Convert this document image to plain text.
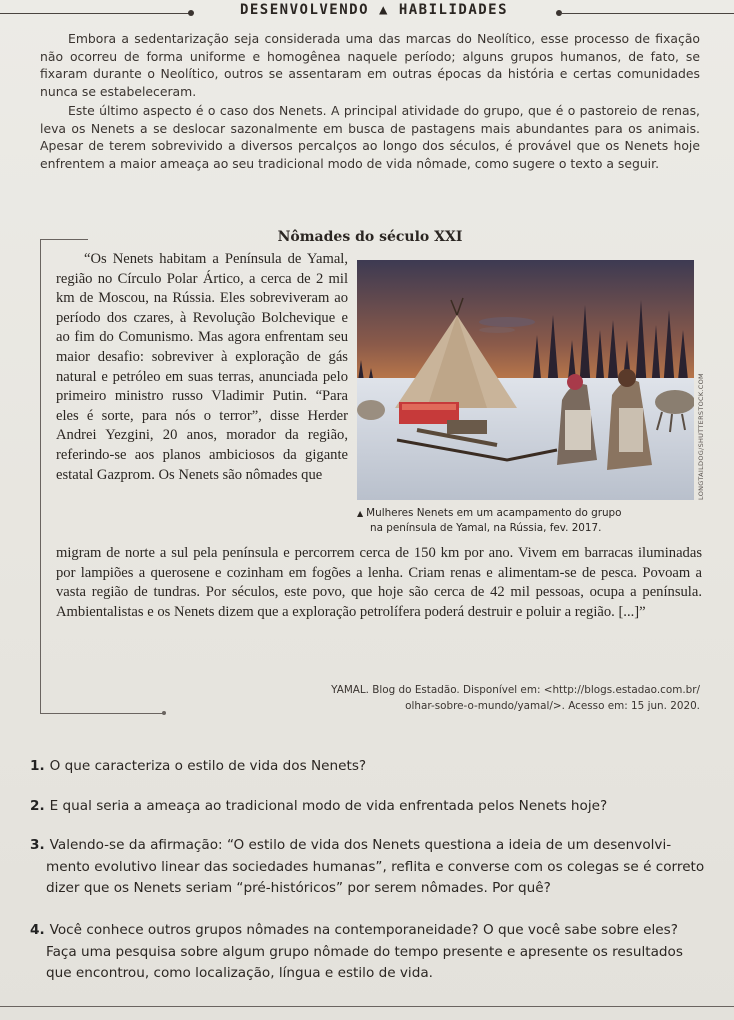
DESENVOLVENDO ▲ HABILIDADES

Embora a sedentarização seja considerada uma das marcas do Neolítico, esse processo de fixação não ocorreu de forma uniforme e homogênea naquele período; alguns grupos humanos, de fato, se fixaram durante o Neolítico, outros se assentaram em outras épocas da história e certas comunidades nunca se estabeleceram.

Este último aspecto é o caso dos Nenets. A principal atividade do grupo, que é o pastoreio de renas, leva os Nenets a se deslocar sazonalmente em busca de pastagens mais abundantes para os animais. Apesar de terem sobrevivido a diversos percalços ao longo dos séculos, é provável que os Nenets hoje enfrentem a maior ameaça ao seu tradicional modo de vida nômade, como sugere o texto a seguir.

Nômades do século XXI

“Os Nenets habitam a Península de Yamal, região no Círculo Polar Ártico, a cerca de 2 mil km de Moscou, na Rússia. Eles sobreviveram ao período dos czares, à Revolução Bolchevique e ao fim do Comunismo. Mas agora enfrentam seu maior desafio: sobreviver à exploração de gás natural e petróleo em suas terras, anunciada pelo primeiro ministro russo Vladimir Putin. “Para eles é sorte, para nós o terror”, disse Herder Andrei Yezgini, 20 anos, morador da região, referindo-se aos planos ambiciosos da gigante estatal Gazprom. Os Nenets são nômades que	LONGTAILDOG/SHUTTERSTOCK.COM
▲ Mulheres Nenets em um acampamento do grupo
na península de Yamal, na Rússia, fev. 2017.

migram de norte a sul pela península e percorrem cerca de 150 km por ano. Vivem em barracas iluminadas por lampiões a querosene e cozinham em fogões a lenha. Criam renas e alimentam-se de pesca. Povoam a vasta região de tundras. Por séculos, este povo, que hoje são cerca de 42 mil pessoas, ocupa a península. Ambientalistas e os Nenets dizem que a exploração petrolífera poderá destruir e poluir a região. [...]”

YAMAL. Blog do Estadão. Disponível em: <http://blogs.estadao.com.br/
olhar-sobre-o-mundo/yamal/>. Acesso em: 15 jun. 2020.
1. O que caracteriza o estilo de vida dos Nenets?
2. E qual seria a ameaça ao tradicional modo de vida enfrentada pelos Nenets hoje?
3. Valendo-se da afirmação: “O estilo de vida dos Nenets questiona a ideia de um desenvolvi-
mento evolutivo linear das sociedades humanas”, reflita e converse com os colegas se é correto
dizer que os Nenets seriam “pré-históricos” por serem nômades. Por quê?
4. Você conhece outros grupos nômades na contemporaneidade? O que você sabe sobre eles?
Faça uma pesquisa sobre algum grupo nômade do tempo presente e apresente os resultados
que encontrou, como localização, língua e estilo de vida.
